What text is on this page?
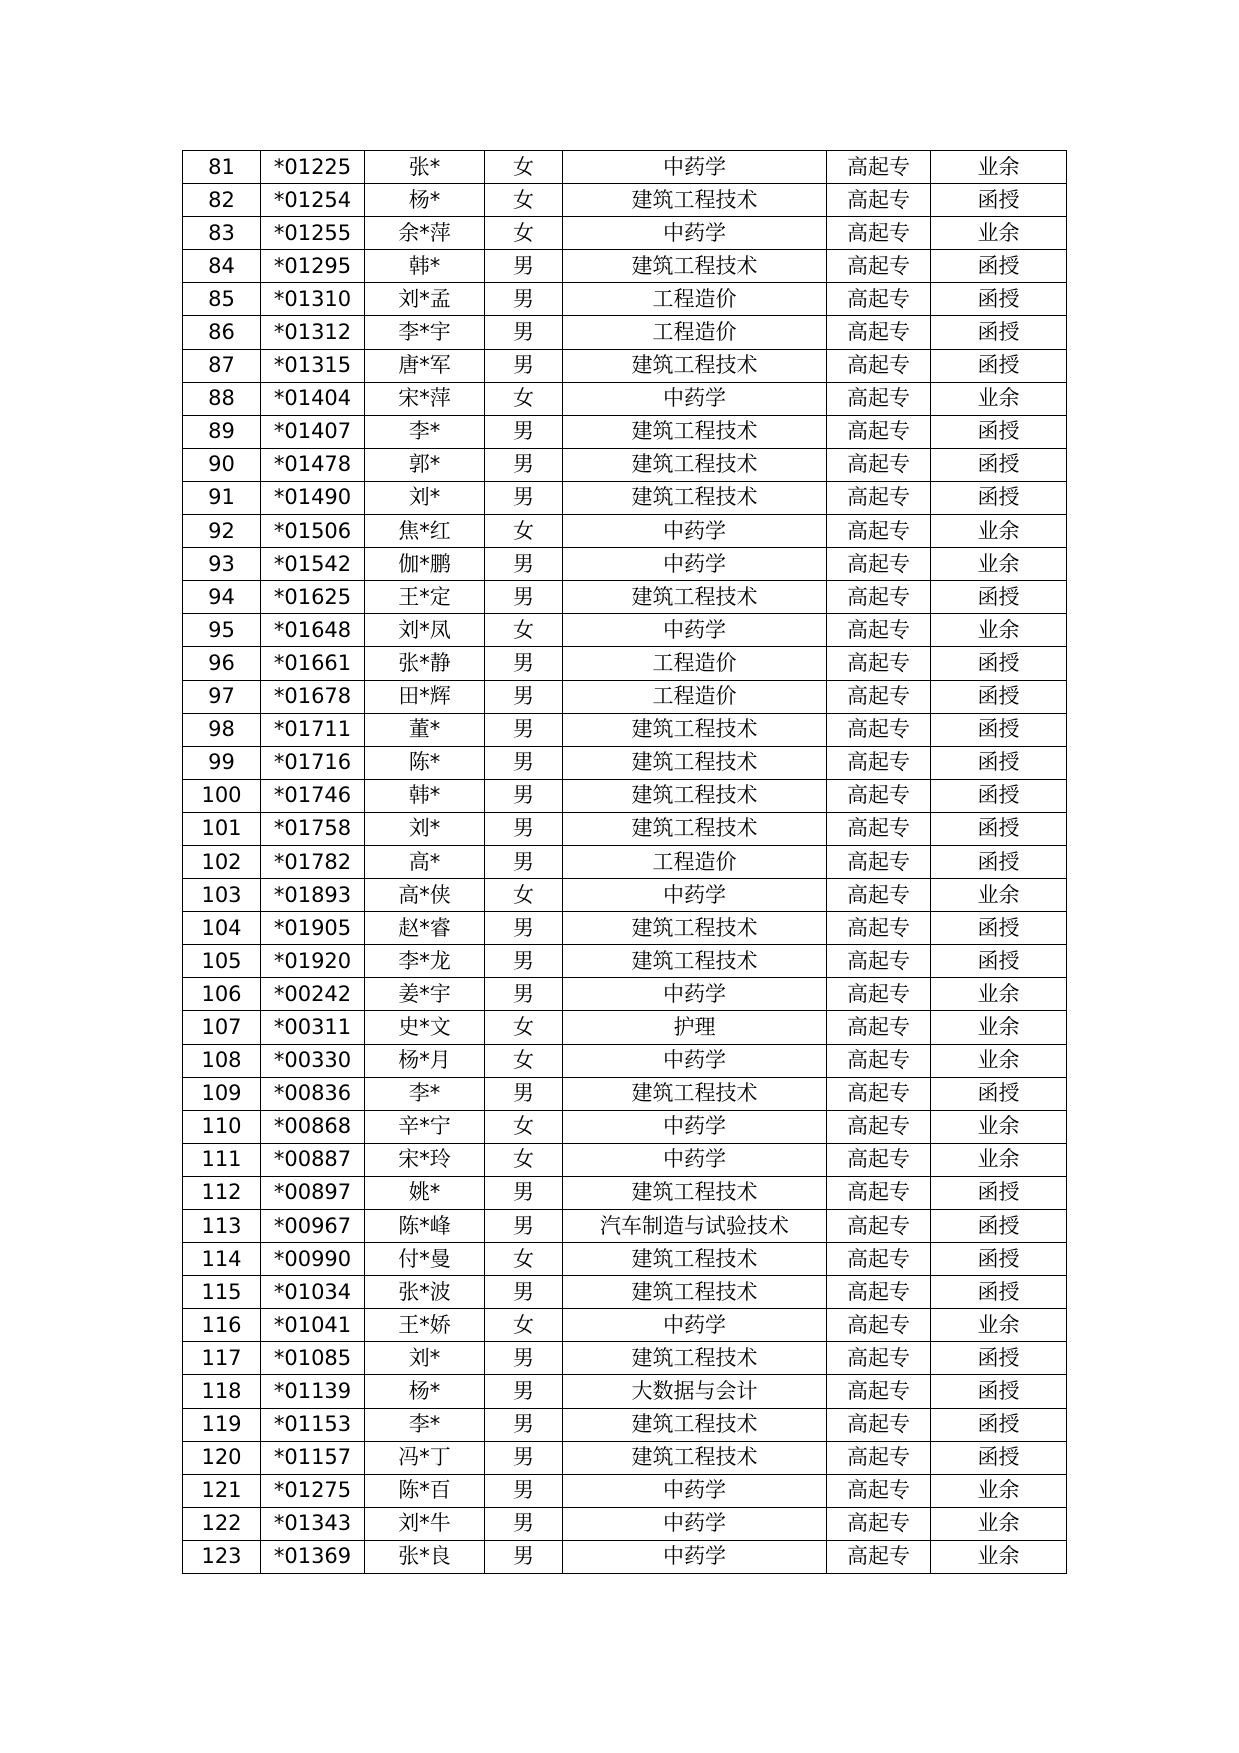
81	*01225	张*	女	中药学	高起专	业余
82	*01254	杨*	女	建筑工程技术	高起专	函授
83	*01255	余*萍	女	中药学	高起专	业余
84	*01295	韩*	男	建筑工程技术	高起专	函授
85	*01310	刘*孟	男	工程造价	高起专	函授
86	*01312	李*宇	男	工程造价	高起专	函授
87	*01315	唐*军	男	建筑工程技术	高起专	函授
88	*01404	宋*萍	女	中药学	高起专	业余
89	*01407	李*	男	建筑工程技术	高起专	函授
90	*01478	郭*	男	建筑工程技术	高起专	函授
91	*01490	刘*	男	建筑工程技术	高起专	函授
92	*01506	焦*红	女	中药学	高起专	业余
93	*01542	伽*鹏	男	中药学	高起专	业余
94	*01625	王*定	男	建筑工程技术	高起专	函授
95	*01648	刘*凤	女	中药学	高起专	业余
96	*01661	张*静	男	工程造价	高起专	函授
97	*01678	田*辉	男	工程造价	高起专	函授
98	*01711	董*	男	建筑工程技术	高起专	函授
99	*01716	陈*	男	建筑工程技术	高起专	函授
100	*01746	韩*	男	建筑工程技术	高起专	函授
101	*01758	刘*	男	建筑工程技术	高起专	函授
102	*01782	高*	男	工程造价	高起专	函授
103	*01893	高*侠	女	中药学	高起专	业余
104	*01905	赵*睿	男	建筑工程技术	高起专	函授
105	*01920	李*龙	男	建筑工程技术	高起专	函授
106	*00242	姜*宇	男	中药学	高起专	业余
107	*00311	史*文	女	护理	高起专	业余
108	*00330	杨*月	女	中药学	高起专	业余
109	*00836	李*	男	建筑工程技术	高起专	函授
110	*00868	辛*宁	女	中药学	高起专	业余
111	*00887	宋*玲	女	中药学	高起专	业余
112	*00897	姚*	男	建筑工程技术	高起专	函授
113	*00967	陈*峰	男	汽车制造与试验技术	高起专	函授
114	*00990	付*曼	女	建筑工程技术	高起专	函授
115	*01034	张*波	男	建筑工程技术	高起专	函授
116	*01041	王*娇	女	中药学	高起专	业余
117	*01085	刘*	男	建筑工程技术	高起专	函授
118	*01139	杨*	男	大数据与会计	高起专	函授
119	*01153	李*	男	建筑工程技术	高起专	函授
120	*01157	冯*丁	男	建筑工程技术	高起专	函授
121	*01275	陈*百	男	中药学	高起专	业余
122	*01343	刘*牛	男	中药学	高起专	业余
123	*01369	张*良	男	中药学	高起专	业余
